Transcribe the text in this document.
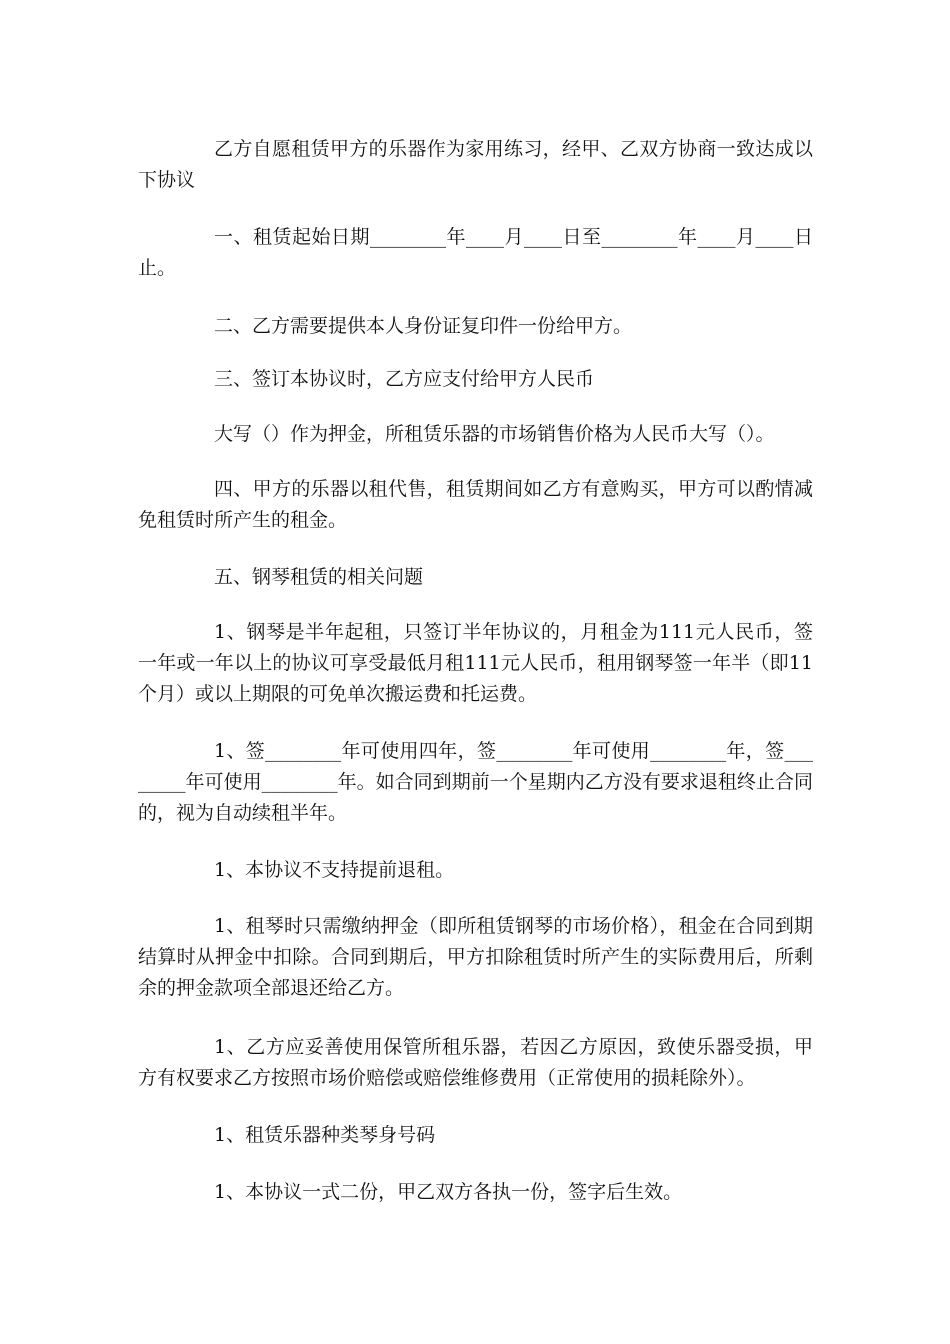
乙方自愿租赁甲方的乐器作为家用练习，经甲、乙双方协商一致达成以下协议

一、租赁起始日期________年____月____日至________年____月____日止。

二、乙方需要提供本人身份证复印件一份给甲方。

三、签订本协议时，乙方应支付给甲方人民币

大写（）作为押金，所租赁乐器的市场销售价格为人民币大写（）。

四、甲方的乐器以租代售，租赁期间如乙方有意购买，甲方可以酌情减免租赁时所产生的租金。

五、钢琴租赁的相关问题

1、钢琴是半年起租，只签订半年协议的，月租金为111元人民币，签一年或一年以上的协议可享受最低月租111元人民币，租用钢琴签一年半（即11个月）或以上期限的可免单次搬运费和托运费。

1、签________年可使用四年，签________年可使用________年，签________年可使用________年。如合同到期前一个星期内乙方没有要求退租终止合同的，视为自动续租半年。

1、本协议不支持提前退租。

1、租琴时只需缴纳押金（即所租赁钢琴的市场价格），租金在合同到期结算时从押金中扣除。合同到期后，甲方扣除租赁时所产生的实际费用后，所剩余的押金款项全部退还给乙方。

1、乙方应妥善使用保管所租乐器，若因乙方原因，致使乐器受损，甲方有权要求乙方按照市场价赔偿或赔偿维修费用（正常使用的损耗除外）。

1、租赁乐器种类琴身号码

1、本协议一式二份，甲乙双方各执一份，签字后生效。
